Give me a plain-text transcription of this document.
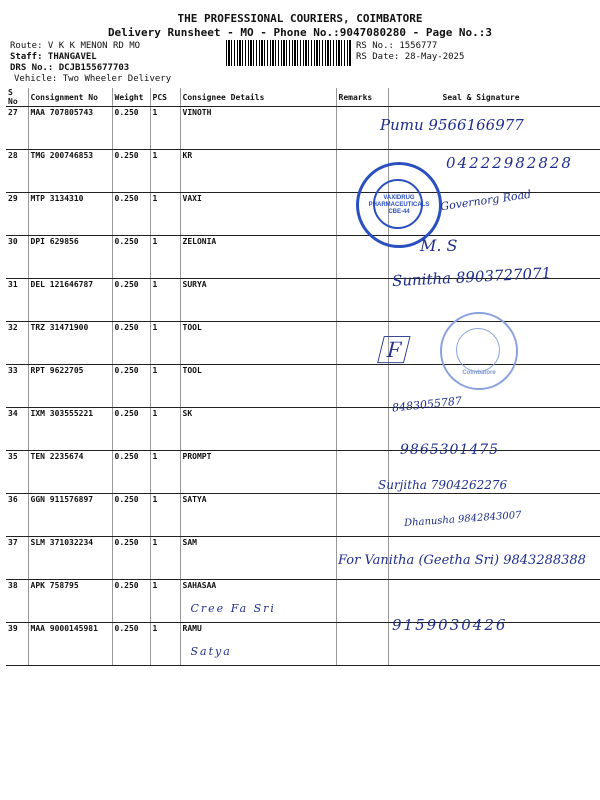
THE PROFESSIONAL COURIERS, COIMBATORE
Delivery Runsheet - MO - Phone No.:9047080280 - Page No.:3
Route: V K K MENON RD MO
Staff: THANGAVEL
DRS No.: DCJB155677703
Vehicle: Two Wheeler Delivery
RS No.: 1556777
RS Date: 28-May-2025
S No	Consignment No	Weight	PCS	Consignee Details	Remarks	Seal & Signature
27	MAA 707805743	0.250	1	VINOTH

28	TMG 200746853	0.250	1	KR

29	MTP 3134310	0.250	1	VAXI

30	DPI 629856	0.250	1	ZELONIA

31	DEL 121646787	0.250	1	SURYA

32	TRZ 31471900	0.250	1	TOOL

33	RPT 9622705	0.250	1	TOOL

34	IXM 303555221	0.250	1	SK

35	TEN 2235674	0.250	1	PROMPT

36	GGN 911576897	0.250	1	SATYA

37	SLM 371032234	0.250	1	SAM

38	APK 758795	0.250	1	SAHASAA
Cree Fa Sri		

39	MAA 9000145981	0.250	1	RAMU
Satya		

VAXIDRUG PHARMACEUTICALS CBE-44
Coimbatore
Pumu 9566166977
04222982828
Governorg Road
M. S
Sunitha 8903727071
🄵
8483055787
9865301475
Surjitha 7904262276
Dhanusha 9842843007
For Vanitha (Geetha Sri) 9843288388
9159030426
